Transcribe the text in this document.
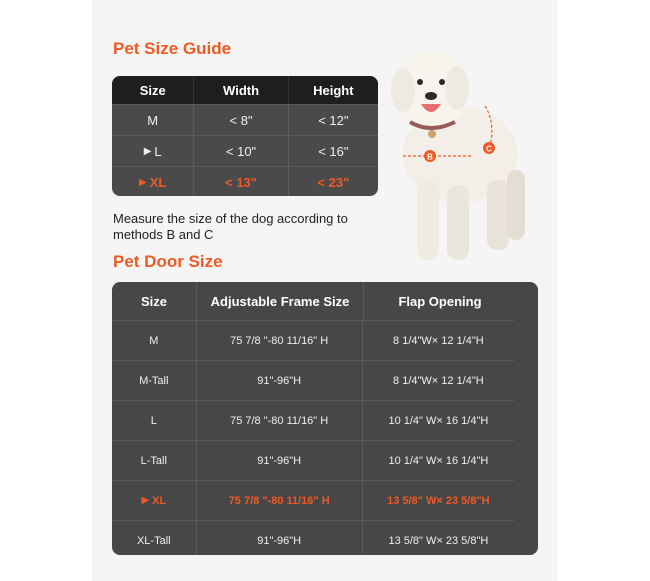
Pet Size Guide
Size	Width	Height
M	< 8"	< 12"
▶ L	< 10"	< 16"
▶ XL	< 13"	< 23"
Measure the size of the dog according to methods B and C
B
C
Pet Door Size
Size	Adjustable Frame Size	Flap Opening
M	75 7/8 "-80 11/16" H	8 1/4"W× 12 1/4"H
M-Tall	91"-96"H	8 1/4"W× 12 1/4"H
L	75 7/8 "-80 11/16" H	10 1/4" W× 16 1/4"H
L-Tall	91"-96"H	10 1/4" W× 16 1/4"H
▶ XL	75 7/8 "-80 11/16" H	13 5/8" W× 23 5/8"H
XL-Tall	91"-96"H	13 5/8" W× 23 5/8"H
